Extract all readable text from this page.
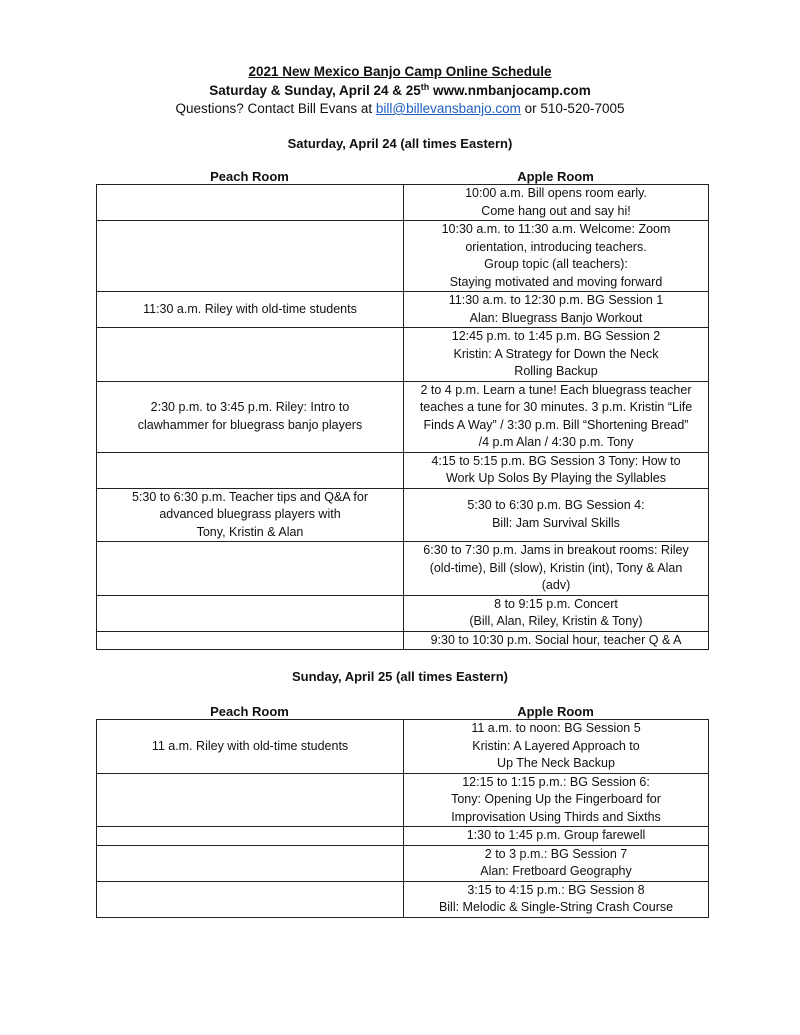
2021 New Mexico Banjo Camp Online Schedule
Saturday & Sunday, April 24 & 25th www.nmbanjocamp.com
Questions? Contact Bill Evans at bill@billevansbanjo.com or 510-520-7005
Saturday, April 24 (all times Eastern)
Peach Room	Apple Room

	10:00 a.m. Bill opens room early.
Come hang out and say hi!

	10:30 a.m. to 11:30 a.m. Welcome: Zoom
orientation, introducing teachers.
Group topic (all teachers):
Staying motivated and moving forward

11:30 a.m. Riley with old-time students	11:30 a.m. to 12:30 p.m. BG Session 1
Alan: Bluegrass Banjo Workout

	12:45 p.m. to 1:45 p.m. BG Session 2
Kristin: A Strategy for Down the Neck
Rolling Backup

2:30 p.m. to 3:45 p.m. Riley: Intro to
clawhammer for bluegrass banjo players	2 to 4 p.m. Learn a tune! Each bluegrass teacher
teaches a tune for 30 minutes. 3 p.m. Kristin “Life
Finds A Way” / 3:30 p.m. Bill “Shortening Bread”
/4 p.m Alan / 4:30 p.m. Tony

	4:15 to 5:15 p.m. BG Session 3 Tony: How to
Work Up Solos By Playing the Syllables

5:30 to 6:30 p.m. Teacher tips and Q&A for
advanced bluegrass players with
Tony, Kristin & Alan	5:30 to 6:30 p.m. BG Session 4:
Bill: Jam Survival Skills

	6:30 to 7:30 p.m. Jams in breakout rooms: Riley
(old-time), Bill (slow), Kristin (int), Tony & Alan
(adv)

	8 to 9:15 p.m. Concert
(Bill, Alan, Riley, Kristin & Tony)

	9:30 to 10:30 p.m. Social hour, teacher Q & A
Sunday, April 25 (all times Eastern)
Peach Room	Apple Room
11 a.m. Riley with old-time students	11 a.m. to noon: BG Session 5
Kristin: A Layered Approach to
Up The Neck Backup

	12:15 to 1:15 p.m.: BG Session 6:
Tony: Opening Up the Fingerboard for
Improvisation Using Thirds and Sixths

	1:30 to 1:45 p.m. Group farewell

	2 to 3 p.m.: BG Session 7
Alan: Fretboard Geography

	3:15 to 4:15 p.m.: BG Session 8
Bill: Melodic & Single-String Crash Course
